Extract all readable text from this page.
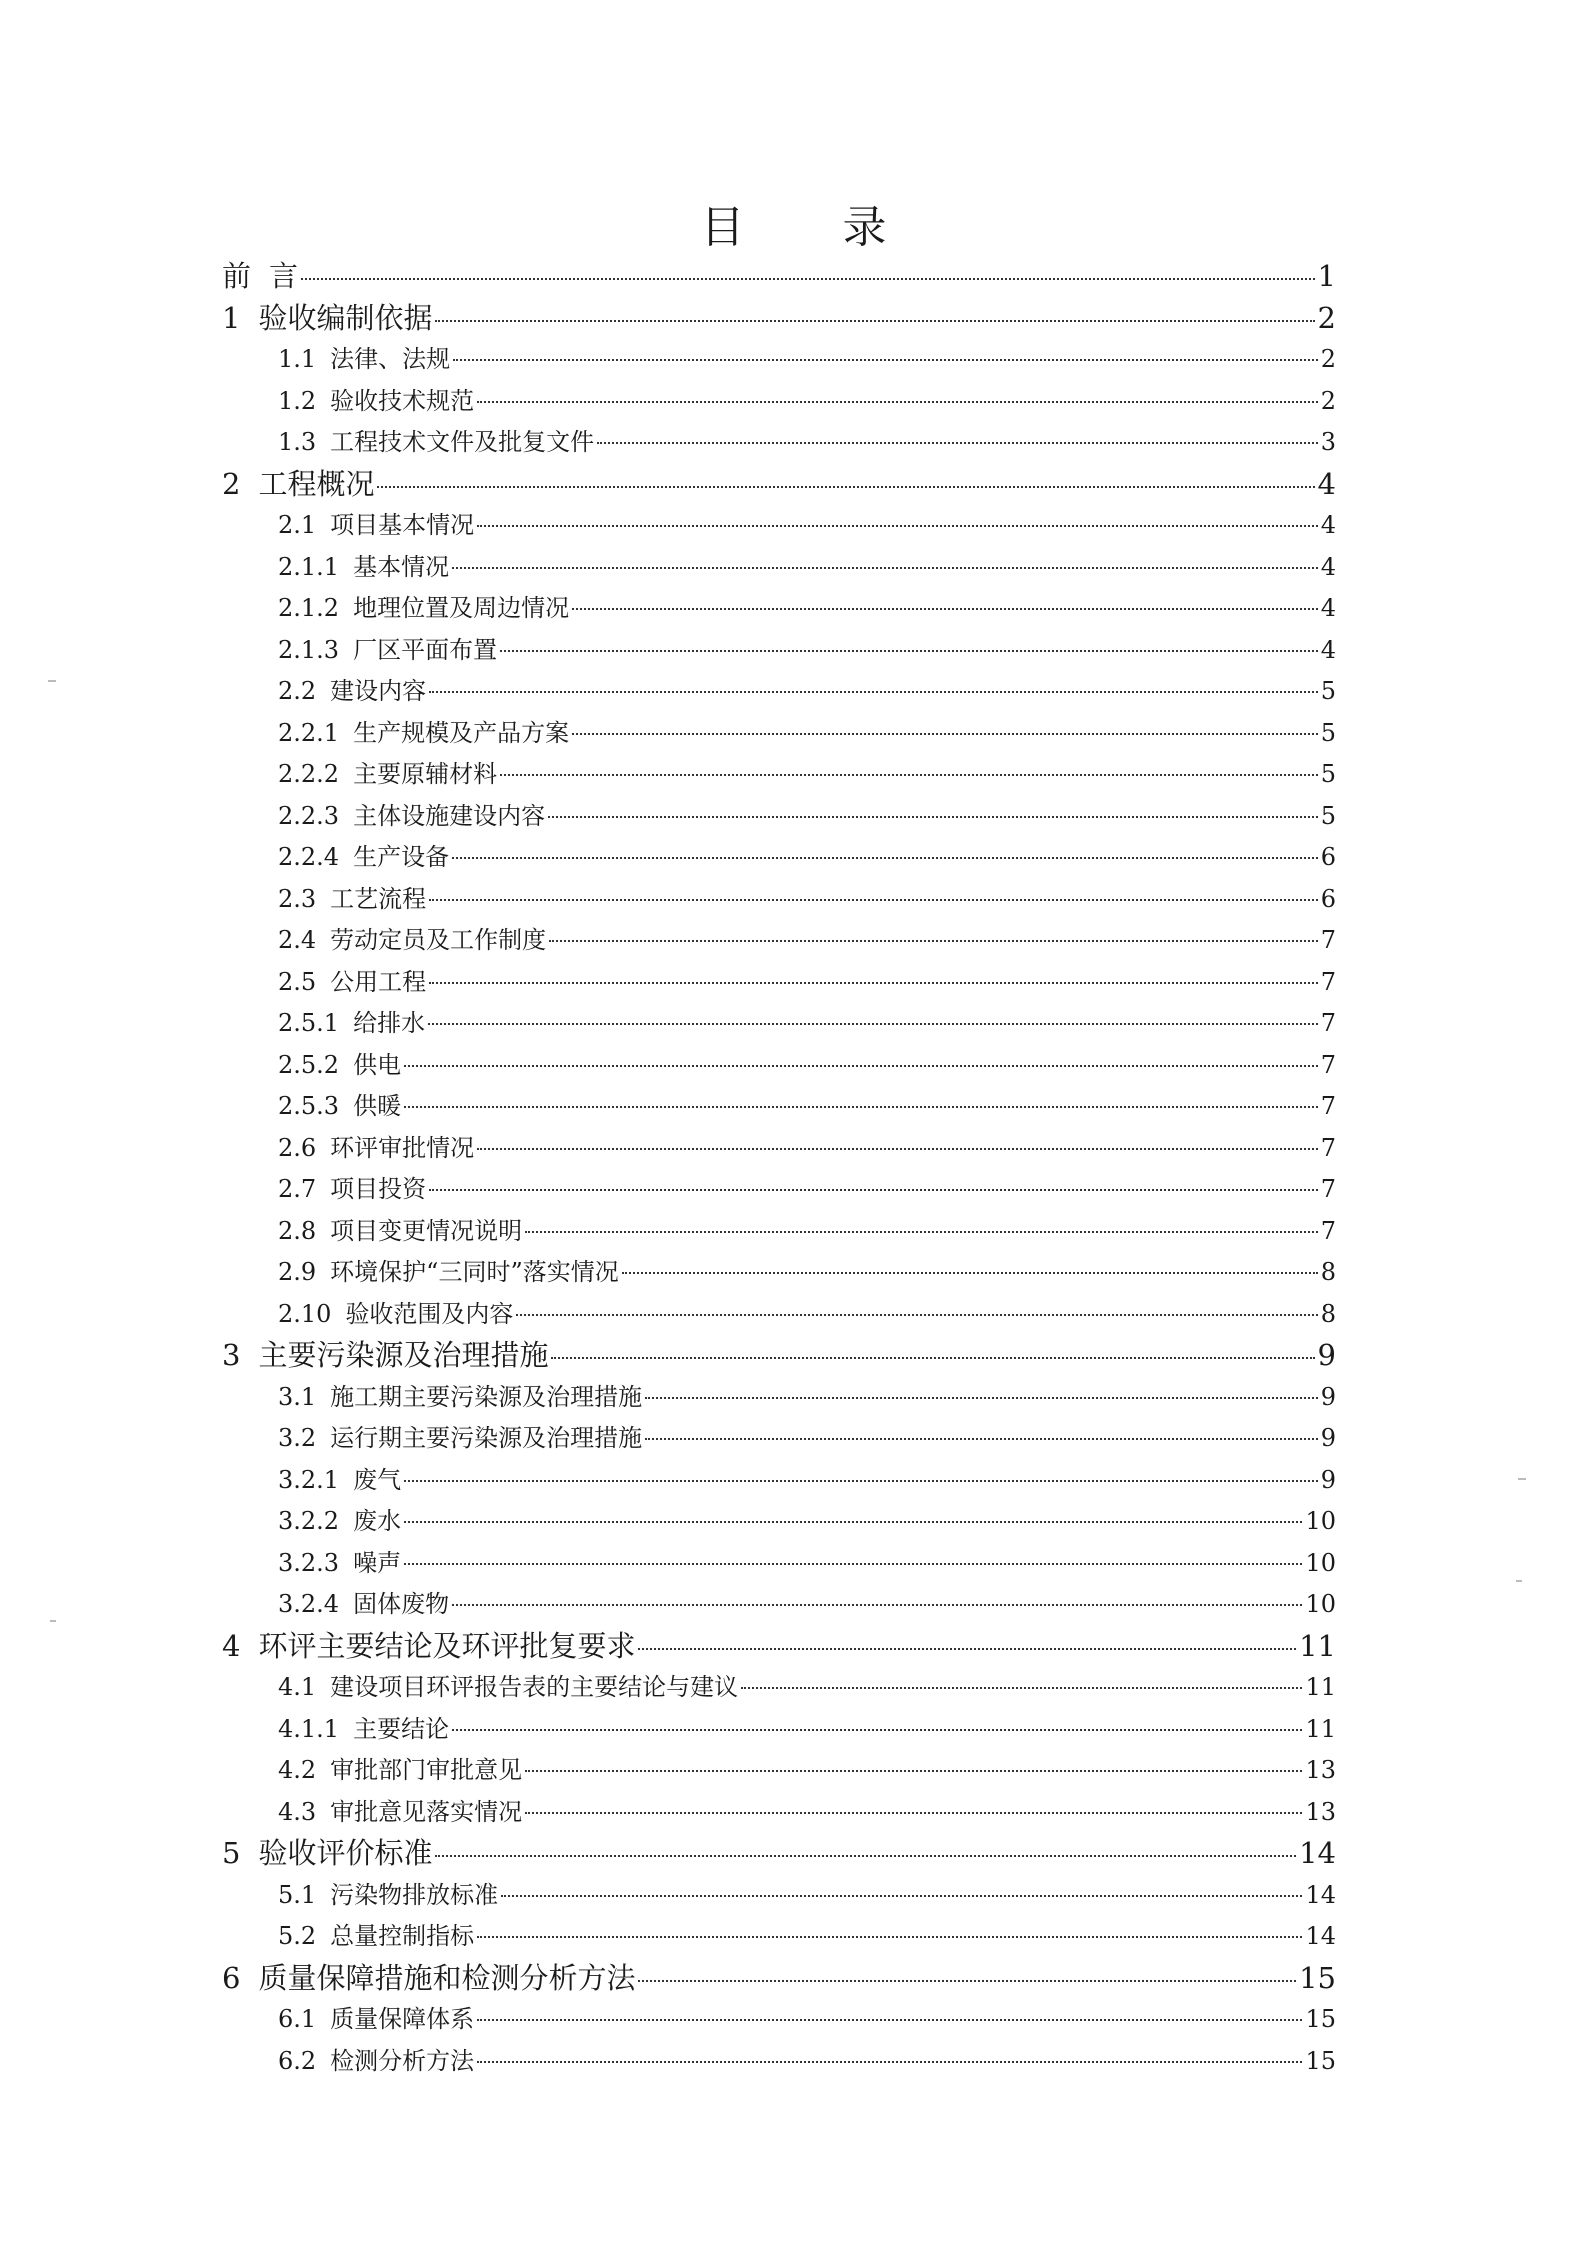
目 录
前 言	1
1 验收编制依据	2
1.1 法律、法规	2
1.2 验收技术规范	2
1.3 工程技术文件及批复文件	3
2 工程概况	4
2.1 项目基本情况	4
2.1.1 基本情况	4
2.1.2 地理位置及周边情况	4
2.1.3 厂区平面布置	4
2.2 建设内容	5
2.2.1 生产规模及产品方案	5
2.2.2 主要原辅材料	5
2.2.3 主体设施建设内容	5
2.2.4 生产设备	6
2.3 工艺流程	6
2.4 劳动定员及工作制度	7
2.5 公用工程	7
2.5.1 给排水	7
2.5.2 供电	7
2.5.3 供暖	7
2.6 环评审批情况	7
2.7 项目投资	7
2.8 项目变更情况说明	7
2.9 环境保护“三同时”落实情况	8
2.10 验收范围及内容	8
3 主要污染源及治理措施	9
3.1 施工期主要污染源及治理措施	9
3.2 运行期主要污染源及治理措施	9
3.2.1 废气	9
3.2.2 废水	10
3.2.3 噪声	10
3.2.4 固体废物	10
4 环评主要结论及环评批复要求	11
4.1 建设项目环评报告表的主要结论与建议	11
4.1.1 主要结论	11
4.2 审批部门审批意见	13
4.3 审批意见落实情况	13
5 验收评价标准	14
5.1 污染物排放标准	14
5.2 总量控制指标	14
6 质量保障措施和检测分析方法	15
6.1 质量保障体系	15
6.2 检测分析方法	15
